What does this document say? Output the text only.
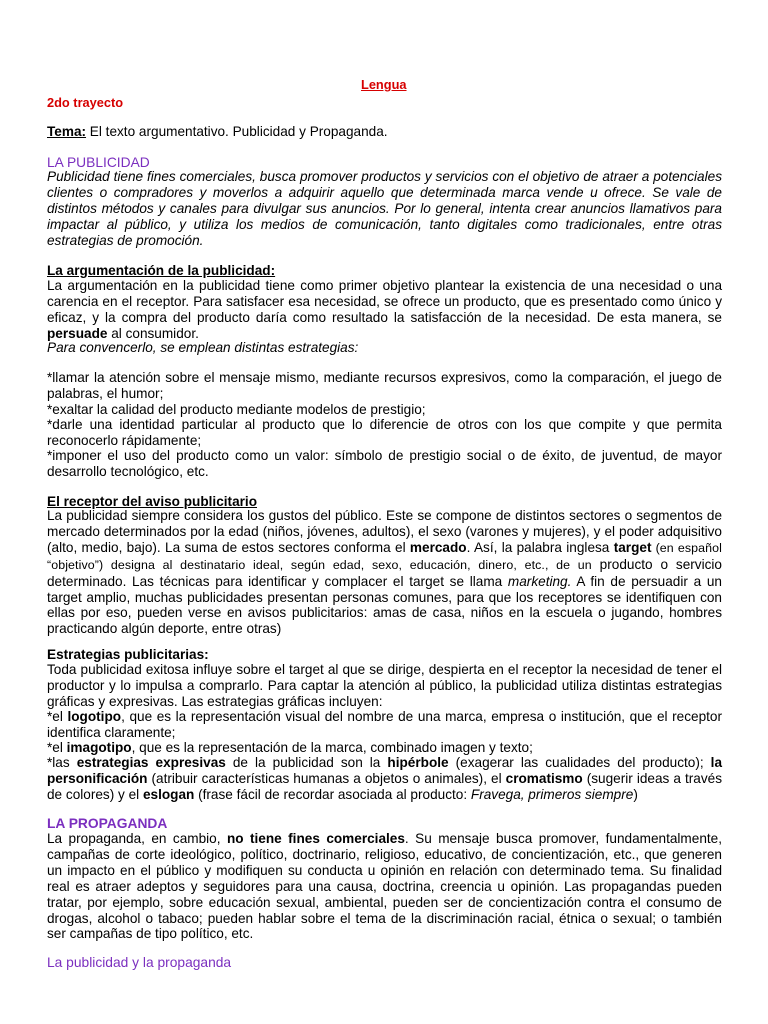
Lengua
2do trayecto

Tema: El texto argumentativo. Publicidad y Propaganda.

LA PUBLICIDAD

Publicidad tiene fines comerciales, busca promover productos y servicios con el objetivo de atraer a potenciales clientes o compradores y moverlos a adquirir aquello que determinada marca vende u ofrece. Se vale de distintos métodos y canales para divulgar sus anuncios. Por lo general, intenta crear anuncios llamativos para impactar al público, y utiliza los medios de comunicación, tanto digitales como tradicionales, entre otras estrategias de promoción.

La argumentación de la publicidad:

La argumentación en la publicidad tiene como primer objetivo plantear la existencia de una necesidad o una carencia en el receptor. Para satisfacer esa necesidad, se ofrece un producto, que es presentado como único y eficaz, y la compra del producto daría como resultado la satisfacción de la necesidad. De esta manera, se persuade al consumidor.

Para convencerlo, se emplean distintas estrategias:

*llamar la atención sobre el mensaje mismo, mediante recursos expresivos, como la comparación, el juego de palabras, el humor;

*exaltar la calidad del producto mediante modelos de prestigio;

*darle una identidad particular al producto que lo diferencie de otros con los que compite y que permita reconocerlo rápidamente;

*imponer el uso del producto como un valor: símbolo de prestigio social o de éxito, de juventud, de mayor desarrollo tecnológico, etc.

El receptor del aviso publicitario

La publicidad siempre considera los gustos del público. Este se compone de distintos sectores o segmentos de mercado determinados por la edad (niños, jóvenes, adultos), el sexo (varones y mujeres), y el poder adquisitivo (alto, medio, bajo). La suma de estos sectores conforma el mercado. Así, la palabra inglesa target (en español “objetivo”) designa al destinatario ideal, según edad, sexo, educación, dinero, etc., de un producto o servicio determinado. Las técnicas para identificar y complacer el target se llama marketing. A fin de persuadir a un target amplio, muchas publicidades presentan personas comunes, para que los receptores se identifiquen con ellas por eso, pueden verse en avisos publicitarios: amas de casa, niños en la escuela o jugando, hombres practicando algún deporte, entre otras)

Estrategias publicitarias:

Toda publicidad exitosa influye sobre el target al que se dirige, despierta en el receptor la necesidad de tener el productor y lo impulsa a comprarlo. Para captar la atención al público, la publicidad utiliza distintas estrategias gráficas y expresivas. Las estrategias gráficas incluyen:

*el logotipo, que es la representación visual del nombre de una marca, empresa o institución, que el receptor identifica claramente;

*el imagotipo, que es la representación de la marca, combinado imagen y texto;

*las estrategias expresivas de la publicidad son la hipérbole (exagerar las cualidades del producto); la personificación (atribuir características humanas a objetos o animales), el cromatismo (sugerir ideas a través de colores) y el eslogan (frase fácil de recordar asociada al producto: Fravega, primeros siempre)

LA PROPAGANDA

La propaganda, en cambio, no tiene fines comerciales. Su mensaje busca promover, fundamentalmente, campañas de corte ideológico, político, doctrinario, religioso, educativo, de concientización, etc., que generen un impacto en el público y modifiquen su conducta u opinión en relación con determinado tema. Su finalidad real es atraer adeptos y seguidores para una causa, doctrina, creencia u opinión. Las propagandas pueden tratar, por ejemplo, sobre educación sexual, ambiental, pueden ser de concientización contra el consumo de drogas, alcohol o tabaco; pueden hablar sobre el tema de la discriminación racial, étnica o sexual; o también ser campañas de tipo político, etc.

La publicidad y la propaganda
